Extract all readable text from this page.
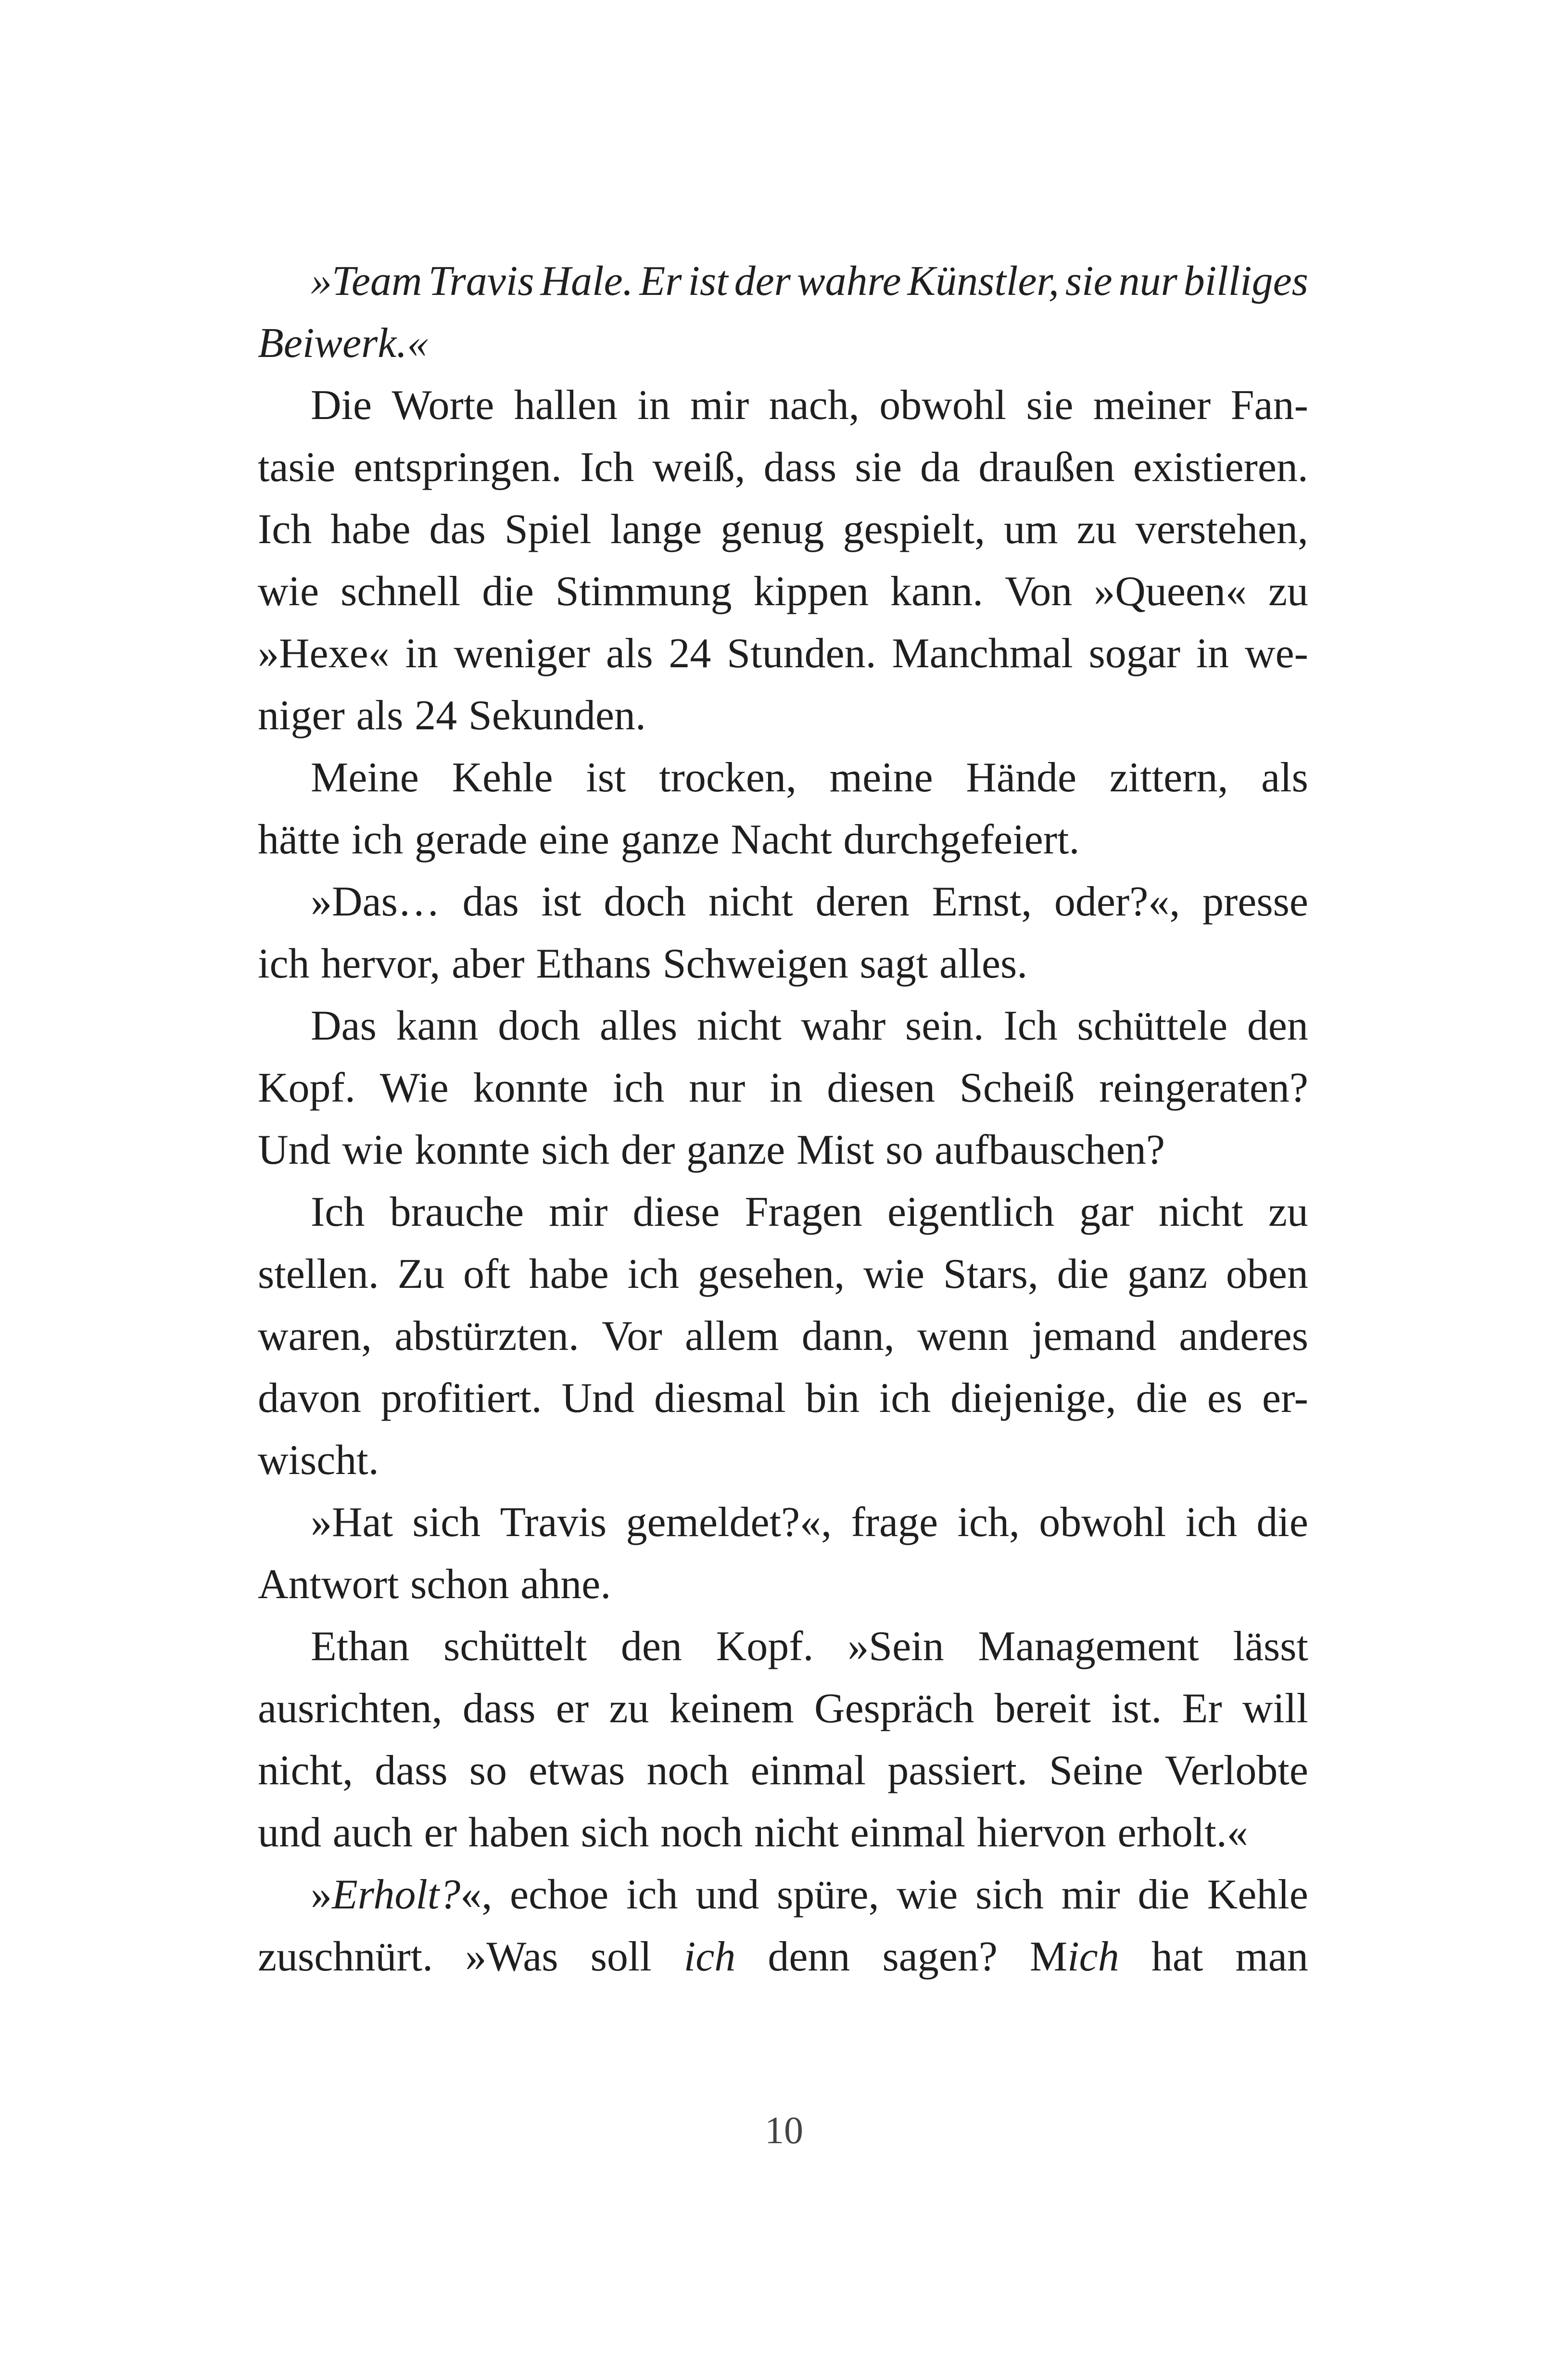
»Team Travis Hale. Er ist der wahre Künstler, sie nur billiges
Beiwerk.«
Die Worte hallen in mir nach, obwohl sie meiner Fan-
tasie entspringen. Ich weiß, dass sie da draußen existieren.
Ich habe das Spiel lange genug gespielt, um zu verstehen,
wie schnell die Stimmung kippen kann. Von »Queen« zu
»Hexe« in weniger als 24 Stunden. Manchmal sogar in we-
niger als 24 Sekunden.
Meine Kehle ist trocken, meine Hände zittern, als
hätte ich gerade eine ganze Nacht durchgefeiert.
»Das… das ist doch nicht deren Ernst, oder?«, presse
ich hervor, aber Ethans Schweigen sagt alles.
Das kann doch alles nicht wahr sein. Ich schüttele den
Kopf. Wie konnte ich nur in diesen Scheiß reingeraten?
Und wie konnte sich der ganze Mist so aufbauschen?
Ich brauche mir diese Fragen eigentlich gar nicht zu
stellen. Zu oft habe ich gesehen, wie Stars, die ganz oben
waren, abstürzten. Vor allem dann, wenn jemand anderes
davon profitiert. Und diesmal bin ich diejenige, die es er-
wischt.
»Hat sich Travis gemeldet?«, frage ich, obwohl ich die
Antwort schon ahne.
Ethan schüttelt den Kopf. »Sein Management lässt
ausrichten, dass er zu keinem Gespräch bereit ist. Er will
nicht, dass so etwas noch einmal passiert. Seine Verlobte
und auch er haben sich noch nicht einmal hiervon erholt.«
»Erholt?«, echoe ich und spüre, wie sich mir die Kehle
zuschnürt. »Was soll ich denn sagen? Mich hat man
10
